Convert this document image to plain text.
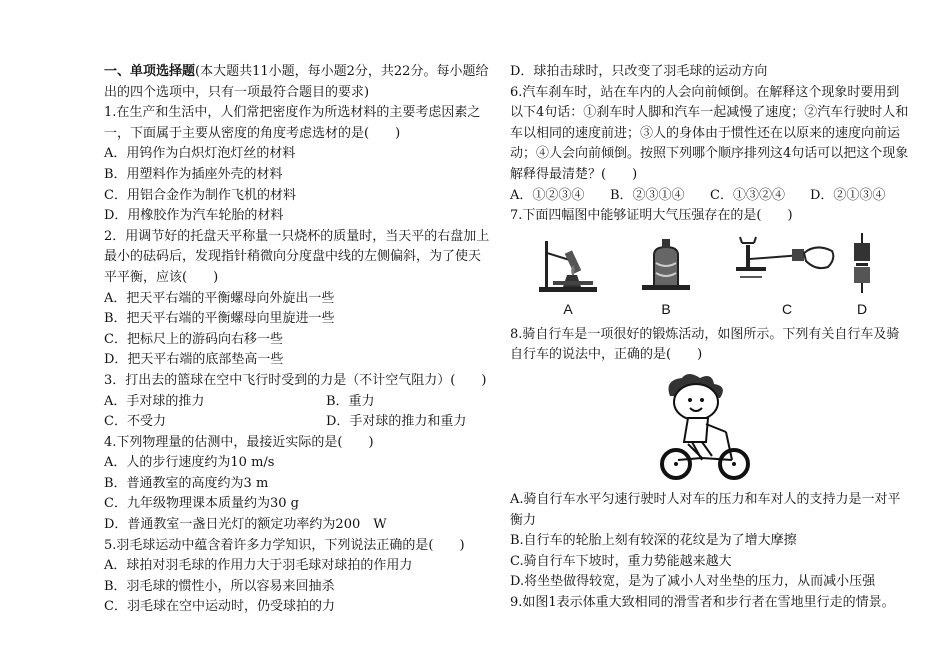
一、单项选择题(本大题共11小题，每小题2分，共22分。每小题给出的四个选项中，只有一项最符合题目的要求)
1.在生产和生活中，人们常把密度作为所选材料的主要考虑因素之一，下面属于主要从密度的角度考虑选材的是(　　)
A．用钨作为白炽灯泡灯丝的材料
B．用塑料作为插座外壳的材料
C．用铝合金作为制作飞机的材料
D．用橡胶作为汽车轮胎的材料
2．用调节好的托盘天平称量一只烧杯的质量时，当天平的右盘加上最小的砝码后，发现指针稍微向分度盘中线的左侧偏斜，为了使天平平衡，应该(　　)
A．把天平右端的平衡螺母向外旋出一些
B．把天平右端的平衡螺母向里旋进一些
C．把标尺上的游码向右移一些
D．把天平右端的底部垫高一些
3．打出去的篮球在空中飞行时受到的力是（不计空气阻力）(　　)
A．手对球的推力	B．重力
C．不受力	D．手对球的推力和重力
4.下列物理量的估测中，最接近实际的是(　　)
A．人的步行速度约为10 m/s
B．普通教室的高度约为3 m
C．九年级物理课本质量约为30 g
D．普通教室一盏日光灯的额定功率约为200　W
5.羽毛球运动中蕴含着许多力学知识，下列说法正确的是(　　)
A．球拍对羽毛球的作用力大于羽毛球对球拍的作用力
B．羽毛球的惯性小，所以容易来回抽杀
C．羽毛球在空中运动时，仍受球拍的力
D．球拍击球时，只改变了羽毛球的运动方向
6.汽车刹车时，站在车内的人会向前倾倒。在解释这个现象时要用到以下4句话：①刹车时人脚和汽车一起减慢了速度；②汽车行驶时人和车以相同的速度前进；③人的身体由于惯性还在以原来的速度向前运动；④人会向前倾倒。按照下列哪个顺序排列这4句话可以把这个现象解释得最清楚？(　　)
A．①②③④	B．②③①④	C．①③②④	D．②①③④
7.下面四幅图中能够证明大气压强存在的是(　　)
A	B	C	D
8.骑自行车是一项很好的锻炼活动，如图所示。下列有关自行车及骑自行车的说法中，正确的是(　　)
A.骑自行车水平匀速行驶时人对车的压力和车对人的支持力是一对平衡力
B.自行车的轮胎上刻有较深的花纹是为了增大摩擦
C.骑自行车下坡时，重力势能越来越大
D.将坐垫做得较宽，是为了减小人对坐垫的压力，从而减小压强
9.如图1表示体重大致相同的滑雪者和步行者在雪地里行走的情景。
